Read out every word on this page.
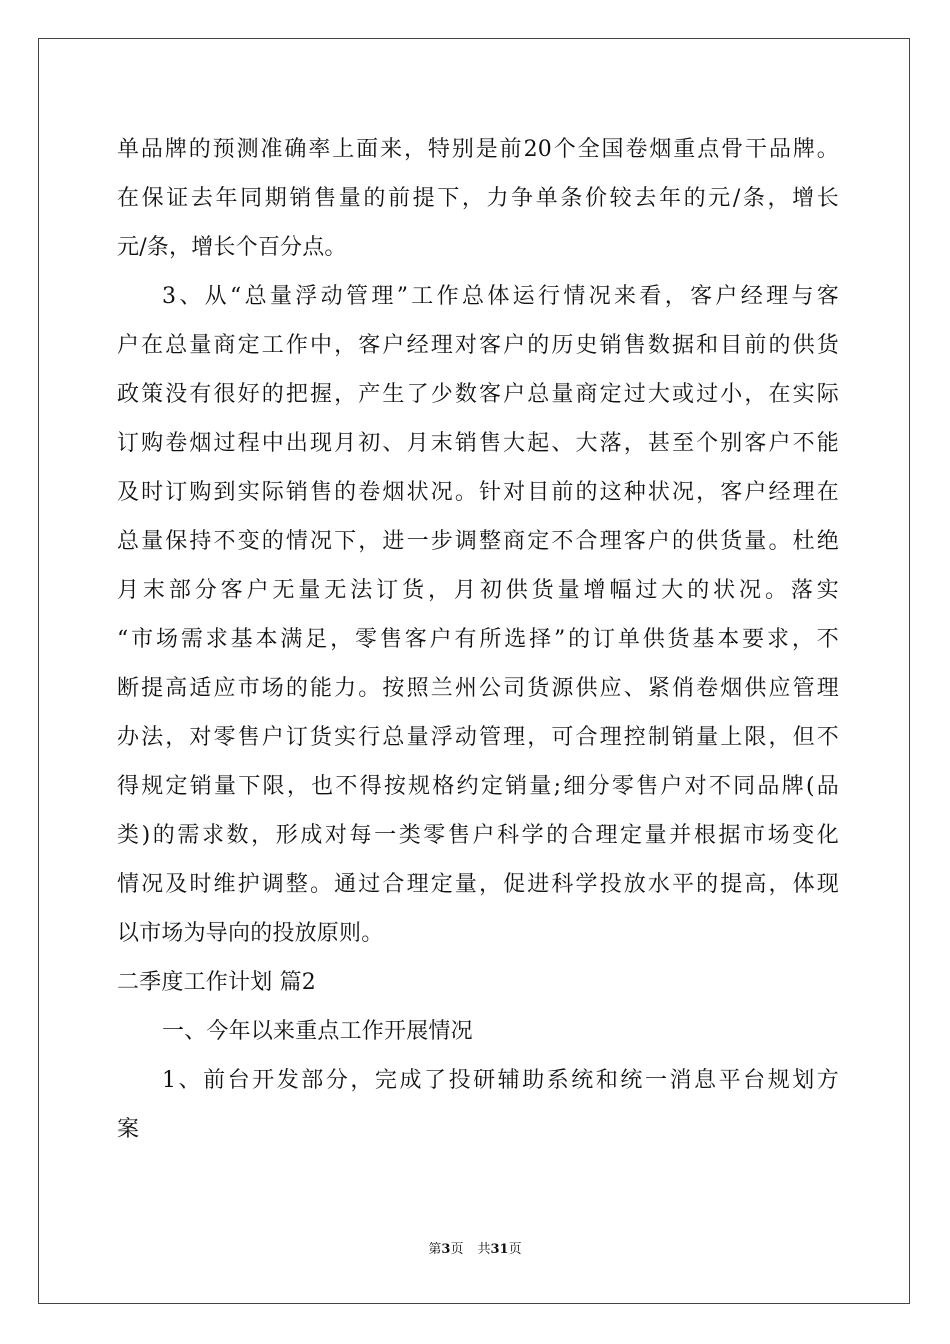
单品牌的预测准确率上面来，特别是前20个全国卷烟重点骨干品牌。
在保证去年同期销售量的前提下，力争单条价较去年的元/条，增长
元/条，增长个百分点。
3、从“总量浮动管理”工作总体运行情况来看，客户经理与客
户在总量商定工作中，客户经理对客户的历史销售数据和目前的供货
政策没有很好的把握，产生了少数客户总量商定过大或过小，在实际
订购卷烟过程中出现月初、月末销售大起、大落，甚至个别客户不能
及时订购到实际销售的卷烟状况。针对目前的这种状况，客户经理在
总量保持不变的情况下，进一步调整商定不合理客户的供货量。杜绝
月末部分客户无量无法订货，月初供货量增幅过大的状况。落实
“市场需求基本满足，零售客户有所选择”的订单供货基本要求，不
断提高适应市场的能力。按照兰州公司货源供应、紧俏卷烟供应管理
办法，对零售户订货实行总量浮动管理，可合理控制销量上限，但不
得规定销量下限，也不得按规格约定销量;细分零售户对不同品牌(品
类)的需求数，形成对每一类零售户科学的合理定量并根据市场变化
情况及时维护调整。通过合理定量，促进科学投放水平的提高，体现
以市场为导向的投放原则。
二季度工作计划 篇2
一、今年以来重点工作开展情况
1、前台开发部分，完成了投研辅助系统和统一消息平台规划方
案
第3页 共31页
